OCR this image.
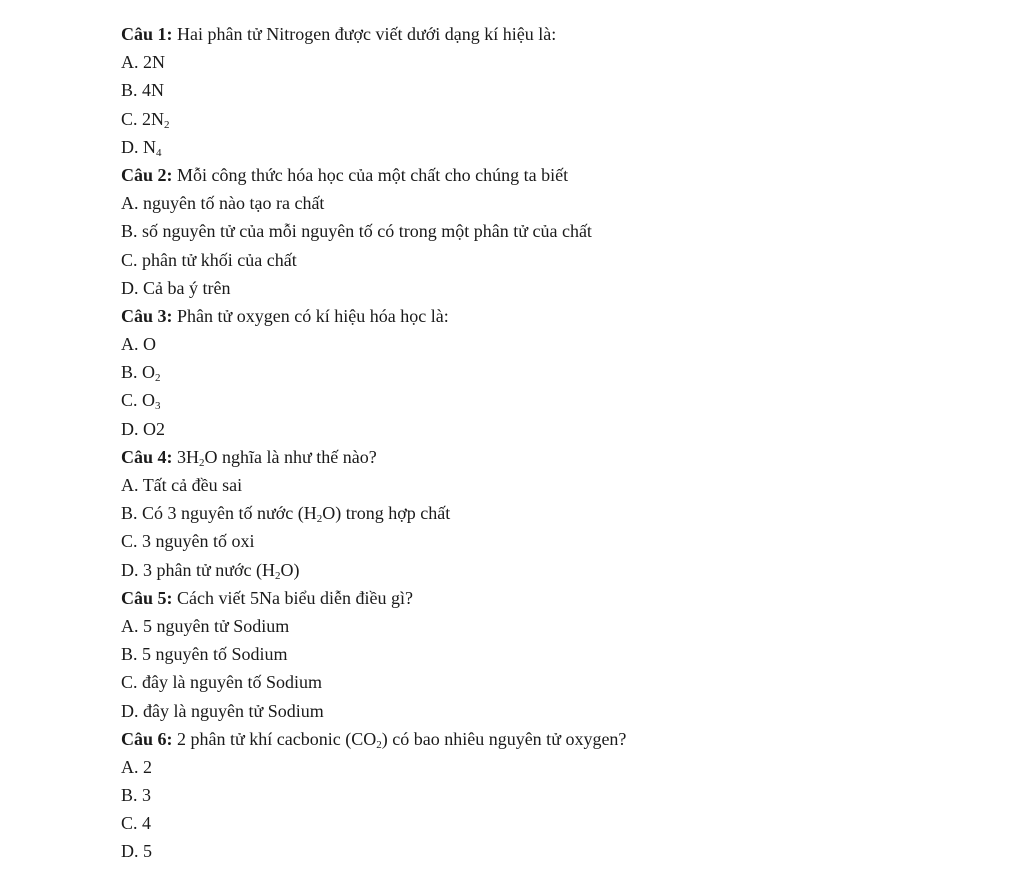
Câu 1: Hai phân tử Nitrogen được viết dưới dạng kí hiệu là:
A. 2N
B. 4N
C. $2N_2$
D. $N_4$
Câu 2: Mỗi công thức hóa học của một chất cho chúng ta biết
A. nguyên tố nào tạo ra chất
B. số nguyên tử của mỗi nguyên tố có trong một phân tử của chất
C. phân tử khối của chất
D. Cả ba ý trên
Câu 3: Phân tử oxygen có kí hiệu hóa học là:
A. O
B. $O_2$
C. $O_3$
D. O2
Câu 4: $3H_2O$ nghĩa là như thế nào?
A. Tất cả đều sai
B. Có 3 nguyên tố nước $(H_2O)$ trong hợp chất
C. 3 nguyên tố oxi
D. 3 phân tử nước $(H_2O)$
Câu 5: Cách viết 5Na biểu diễn điều gì?
A. 5 nguyên tử Sodium
B. 5 nguyên tố Sodium
C. đây là nguyên tố Sodium
D. đây là nguyên tử Sodium
Câu 6: 2 phân tử khí cacbonic $(CO_2)$ có bao nhiêu nguyên tử oxygen?
A. 2
B. 3
C. 4
D. 5
